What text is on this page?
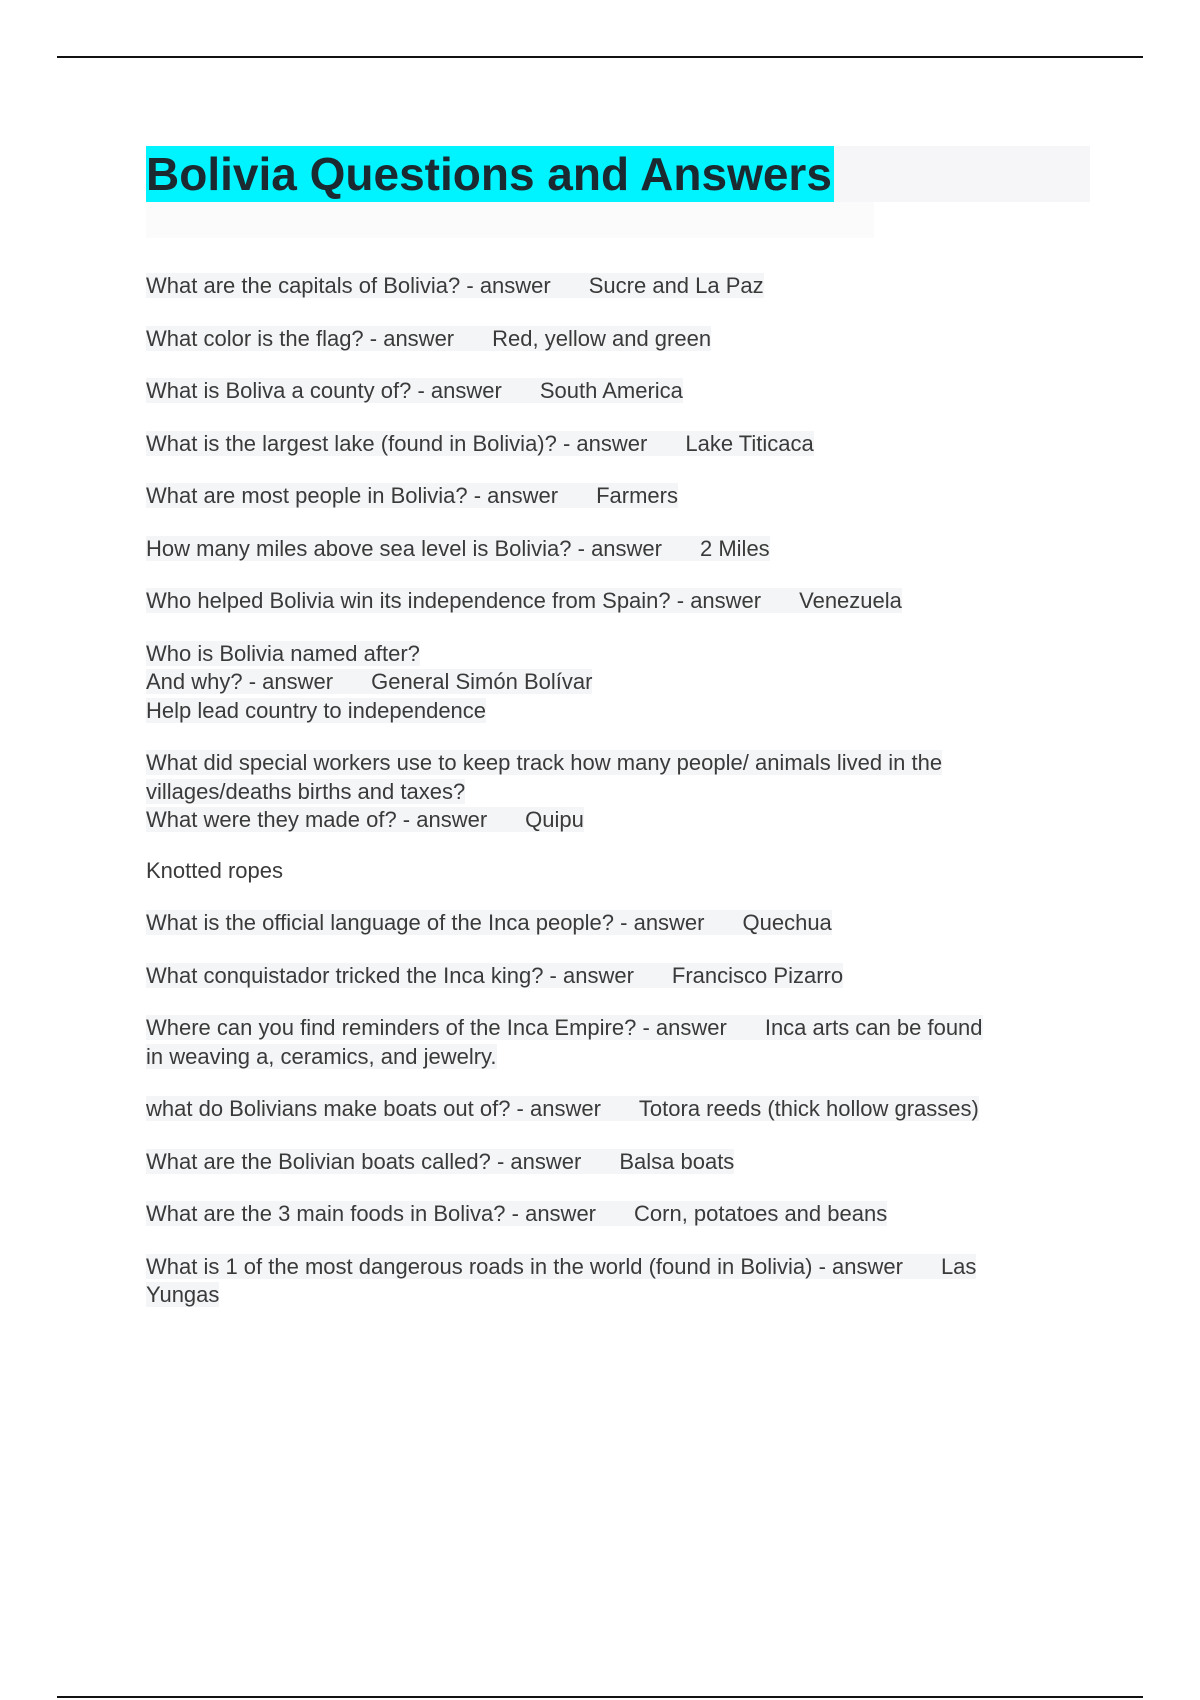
Bolivia Questions and Answers

What are the capitals of Bolivia? - answer Sucre and La Paz

What color is the flag? - answer Red, yellow and green

What is Boliva a county of? - answer South America

What is the largest lake (found in Bolivia)? - answer Lake Titicaca

What are most people in Bolivia? - answer Farmers

How many miles above sea level is Bolivia? - answer 2 Miles

Who helped Bolivia win its independence from Spain? - answer Venezuela

Who is Bolivia named after?
And why? - answer General Simón Bolívar
Help lead country to independence

What did special workers use to keep track how many people/ animals lived in the
villages/deaths births and taxes?
What were they made of? - answer Quipu

Knotted ropes

What is the official language of the Inca people? - answer Quechua

What conquistador tricked the Inca king? - answer Francisco Pizarro

Where can you find reminders of the Inca Empire? - answer Inca arts can be found
in weaving a, ceramics, and jewelry.

what do Bolivians make boats out of? - answer Totora reeds (thick hollow grasses)

What are the Bolivian boats called? - answer Balsa boats

What are the 3 main foods in Boliva? - answer Corn, potatoes and beans

What is 1 of the most dangerous roads in the world (found in Bolivia) - answer Las
Yungas
